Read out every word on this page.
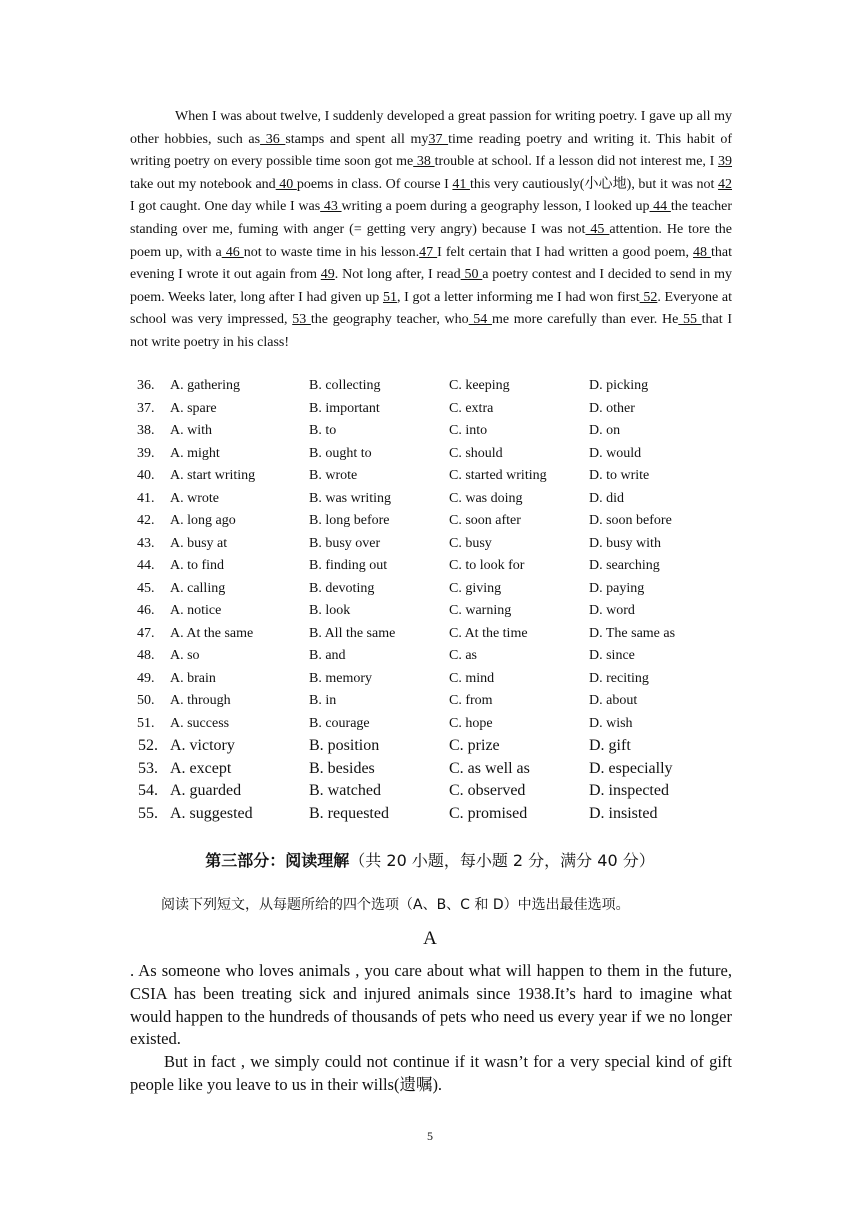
When I was about twelve, I suddenly developed a great passion for writing poetry. I gave up all my other hobbies, such as 36 stamps and spent all my37 time reading poetry and writing it. This habit of writing poetry on every possible time soon got me 38 trouble at school. If a lesson did not interest me, I 39 take out my notebook and 40 poems in class. Of course I 41 this very cautiously(小心地), but it was not 42 I got caught. One day while I was 43 writing a poem during a geography lesson, I looked up 44 the teacher standing over me, fuming with anger (= getting very angry) because I was not 45 attention. He tore the poem up, with a 46 not to waste time in his lesson.47 I felt certain that I had written a good poem, 48 that evening I wrote it out again from 49. Not long after, I read 50 a poetry contest and I decided to send in my poem. Weeks later, long after I had given up 51, I got a letter informing me I had won first 52. Everyone at school was very impressed, 53 the geography teacher, who 54 me more carefully than ever. He 55 that I not write poetry in his class!

36.	A. gathering	B. collecting	C. keeping	D. picking
37.	A. spare	B. important	C. extra	D. other
38.	A. with	B. to	C. into	D. on
39.	A. might	B. ought to	C. should	D. would
40.	A. start writing	B. wrote	C. started writing	D. to write
41.	A. wrote	B. was writing	C. was doing	D. did
42.	A. long ago	B. long before	C. soon after	D. soon before
43.	A. busy at	B. busy over	C. busy	D. busy with
44.	A. to find	B. finding out	C. to look for	D. searching
45.	A. calling	B. devoting	C. giving	D. paying
46.	A. notice	B. look	C. warning	D. word
47.	A. At the same	B. All the same	C. At the time	D. The same as
48.	A. so	B. and	C. as	D. since
49.	A. brain	B. memory	C. mind	D. reciting
50.	A. through	B. in	C. from	D. about
51.	A. success	B. courage	C. hope	D. wish
52. A. victory	B. position	C. prize	D. gift
53. A. except	B. besides	C. as well as	D. especially
54. A. guarded	B. watched	C. observed	D. inspected
55. A. suggested	B. requested	C. promised	D. insisted
第三部分：阅读理解（共 20 小题，每小题 2 分，满分 40 分）
阅读下列短文，从每题所给的四个选项（A、B、C 和 D）中选出最佳选项。
A

. As someone who loves animals , you care about what will happen to them in the future, CSIA has been treating sick and injured animals since 1938.It’s hard to imagine what would happen to the hundreds of thousands of pets who need us every year if we no longer existed.

But in fact , we simply could not continue if it wasn’t for a very special kind of gift people like you leave to us in their wills(遗嘱).

5
